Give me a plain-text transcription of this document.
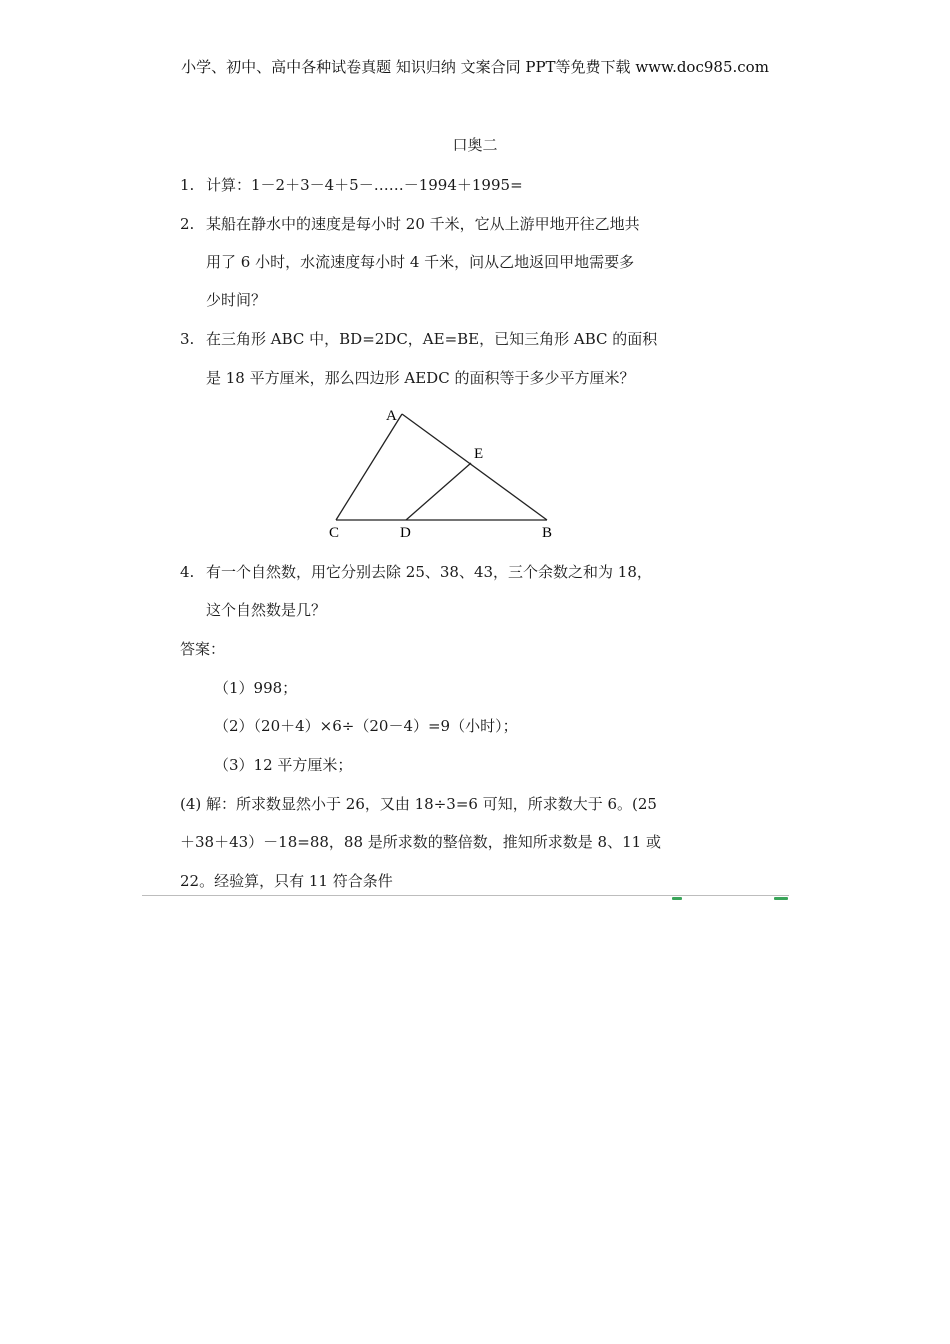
小学、初中、高中各种试卷真题 知识归纳 文案合同 PPT等免费下载 www.doc985.com
口奥二
1. 计算：1－2＋3－4＋5－……－1994＋1995=
2. 某船在静水中的速度是每小时 20 千米，它从上游甲地开往乙地共
用了 6 小时，水流速度每小时 4 千米，问从乙地返回甲地需要多
少时间？
3. 在三角形 ABC 中，BD=2DC，AE=BE，已知三角形 ABC 的面积
是 18 平方厘米，那么四边形 AEDC 的面积等于多少平方厘米？
A
E
C	D	B
4. 有一个自然数，用它分别去除 25、38、43，三个余数之和为 18，
这个自然数是几？
答案：
（1）998；
（2）（20＋4）×6÷（20－4）=9（小时）；
（3）12 平方厘米；
(4) 解：所求数显然小于 26，又由 18÷3=6 可知，所求数大于 6。(25
＋38＋43）－18=88，88 是所求数的整倍数，推知所求数是 8、11 或
22。经验算，只有 11 符合条件
